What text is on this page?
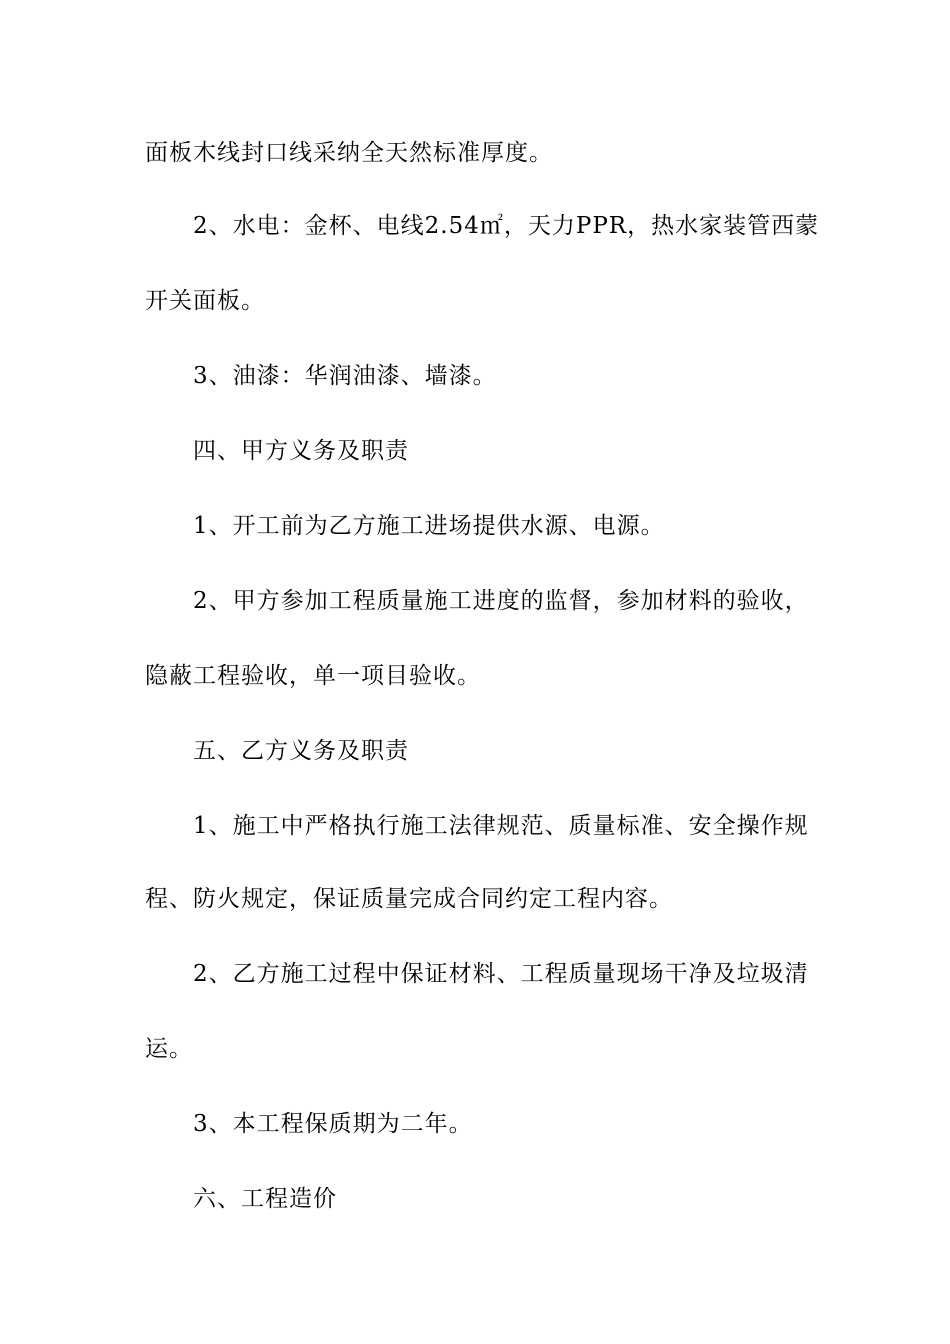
面板木线封口线采纳全天然标准厚度。
2、水电：金杯、电线2.54㎡，天力PPR，热水家装管西蒙
开关面板。
3、油漆：华润油漆、墙漆。
四、甲方义务及职责
1、开工前为乙方施工进场提供水源、电源。
2、甲方参加工程质量施工进度的监督，参加材料的验收，
隐蔽工程验收，单一项目验收。
五、乙方义务及职责
1、施工中严格执行施工法律规范、质量标准、安全操作规
程、防火规定，保证质量完成合同约定工程内容。
2、乙方施工过程中保证材料、工程质量现场干净及垃圾清
运。
3、本工程保质期为二年。
六、工程造价
